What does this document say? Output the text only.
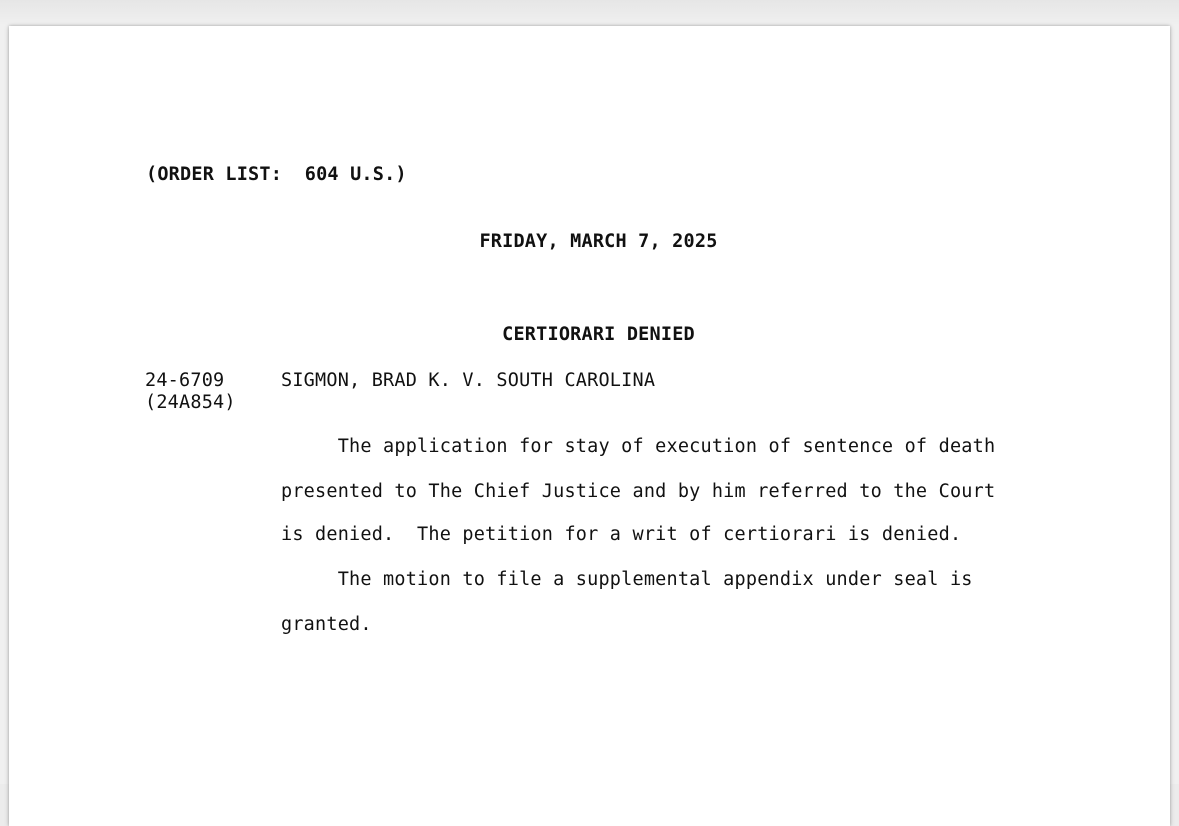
(ORDER LIST:  604 U.S.)
FRIDAY, MARCH 7, 2025
CERTIORARI DENIED
24-6709
(24A854)
SIGMON, BRAD K. V. SOUTH CAROLINA
The application for stay of execution of sentence of death
presented to The Chief Justice and by him referred to the Court
is denied.  The petition for a writ of certiorari is denied.
The motion to file a supplemental appendix under seal is
granted.
